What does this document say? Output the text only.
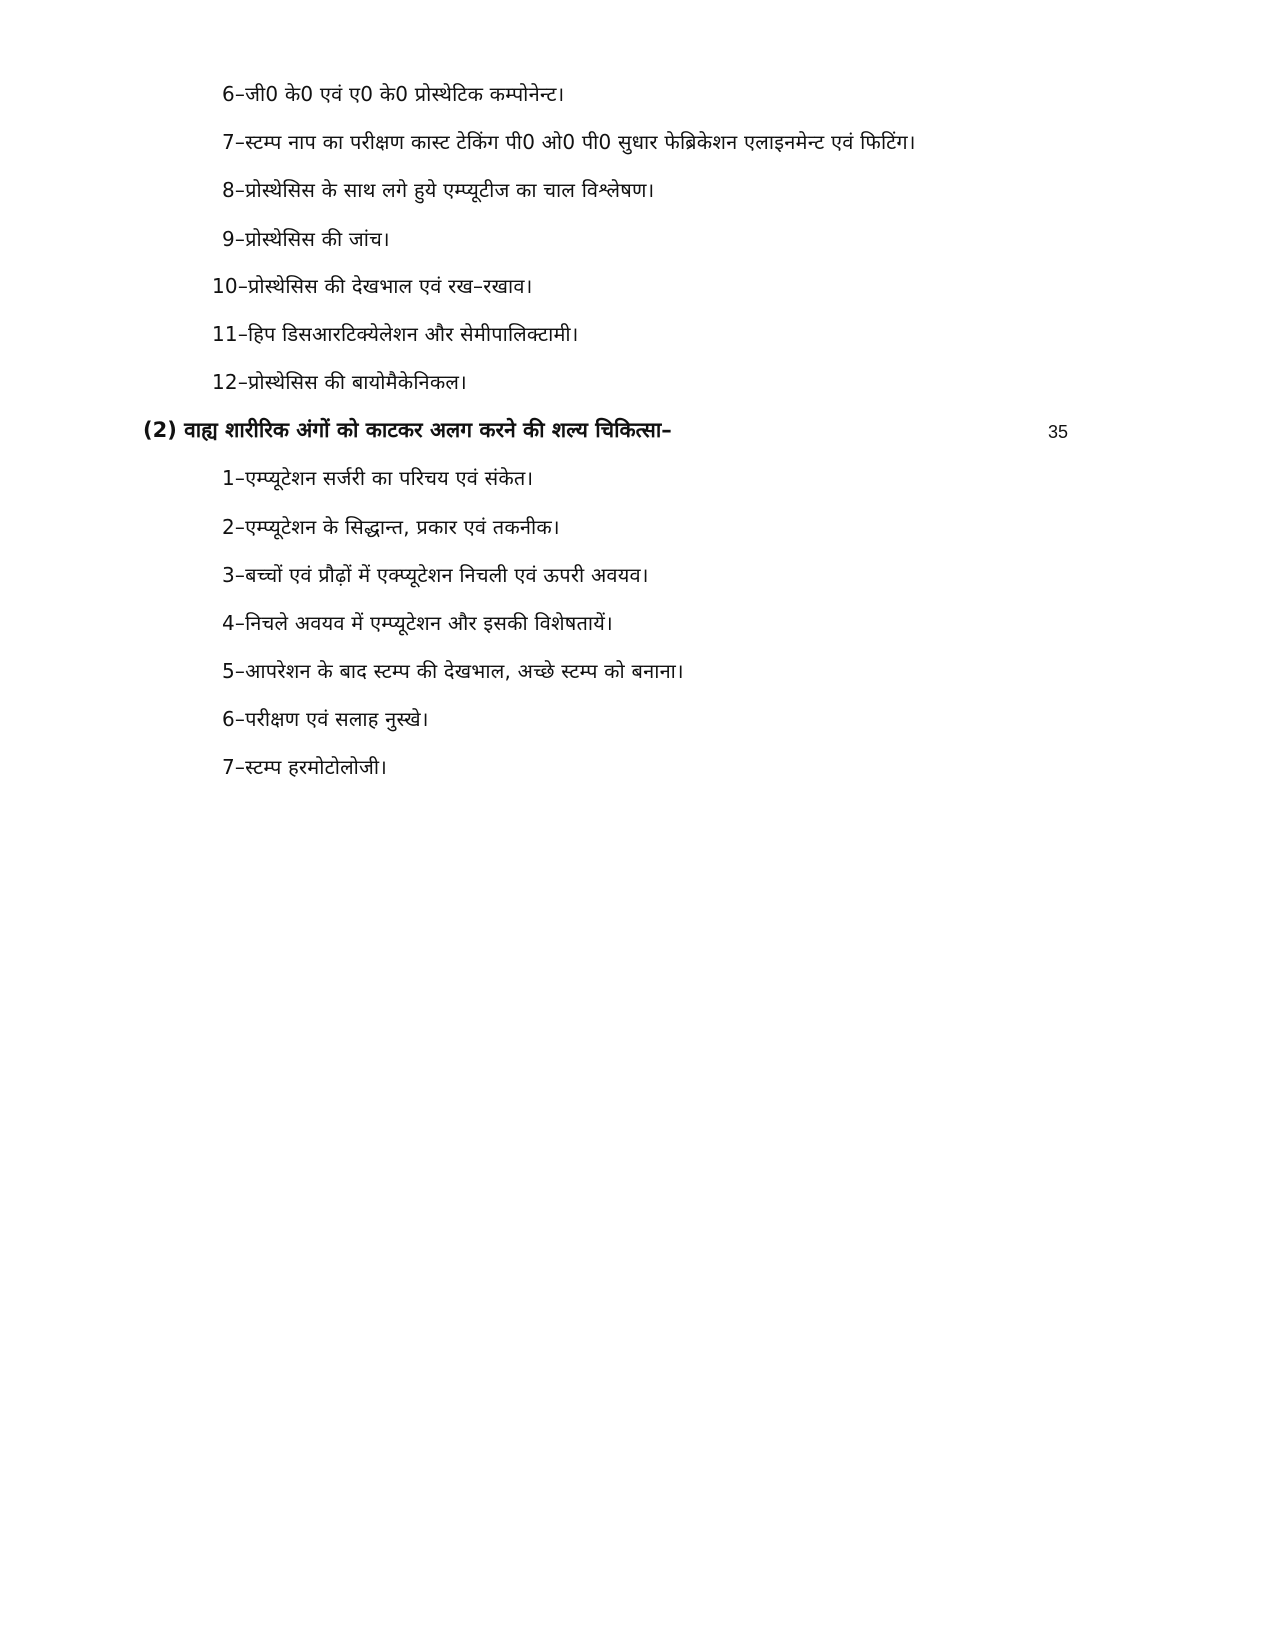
6–जी0 के0 एवं ए0 के0 प्रोस्थेटिक कम्पोनेन्ट।
7–स्टम्प नाप का परीक्षण कास्ट टेकिंग पी0 ओ0 पी0 सुधार फेब्रिकेशन एलाइनमेन्ट एवं फिटिंग।
8–प्रोस्थेसिस के साथ लगे हुये एम्प्यूटीज का चाल विश्लेषण।
9–प्रोस्थेसिस की जांच।
10–प्रोस्थेसिस की देखभाल एवं रख–रखाव।
11–हिप डिसआरटिक्येलेशन और सेमीपालिक्टामी।
12–प्रोस्थेसिस की बायोमैकेनिकल।
(2) वाह्य शारीरिक अंगों को काटकर अलग करने की शल्य चिकित्सा–	35
1–एम्प्यूटेशन सर्जरी का परिचय एवं संकेत।
2–एम्प्यूटेशन के सिद्धान्त, प्रकार एवं तकनीक।
3–बच्चों एवं प्रौढ़ों में एक्प्यूटेशन निचली एवं ऊपरी अवयव।
4–निचले अवयव में एम्प्यूटेशन और इसकी विशेषतायें।
5–आपरेशन के बाद स्टम्प की देखभाल, अच्छे स्टम्प को बनाना।
6–परीक्षण एवं सलाह नुस्खे।
7–स्टम्प हरमोटोलोजी।
